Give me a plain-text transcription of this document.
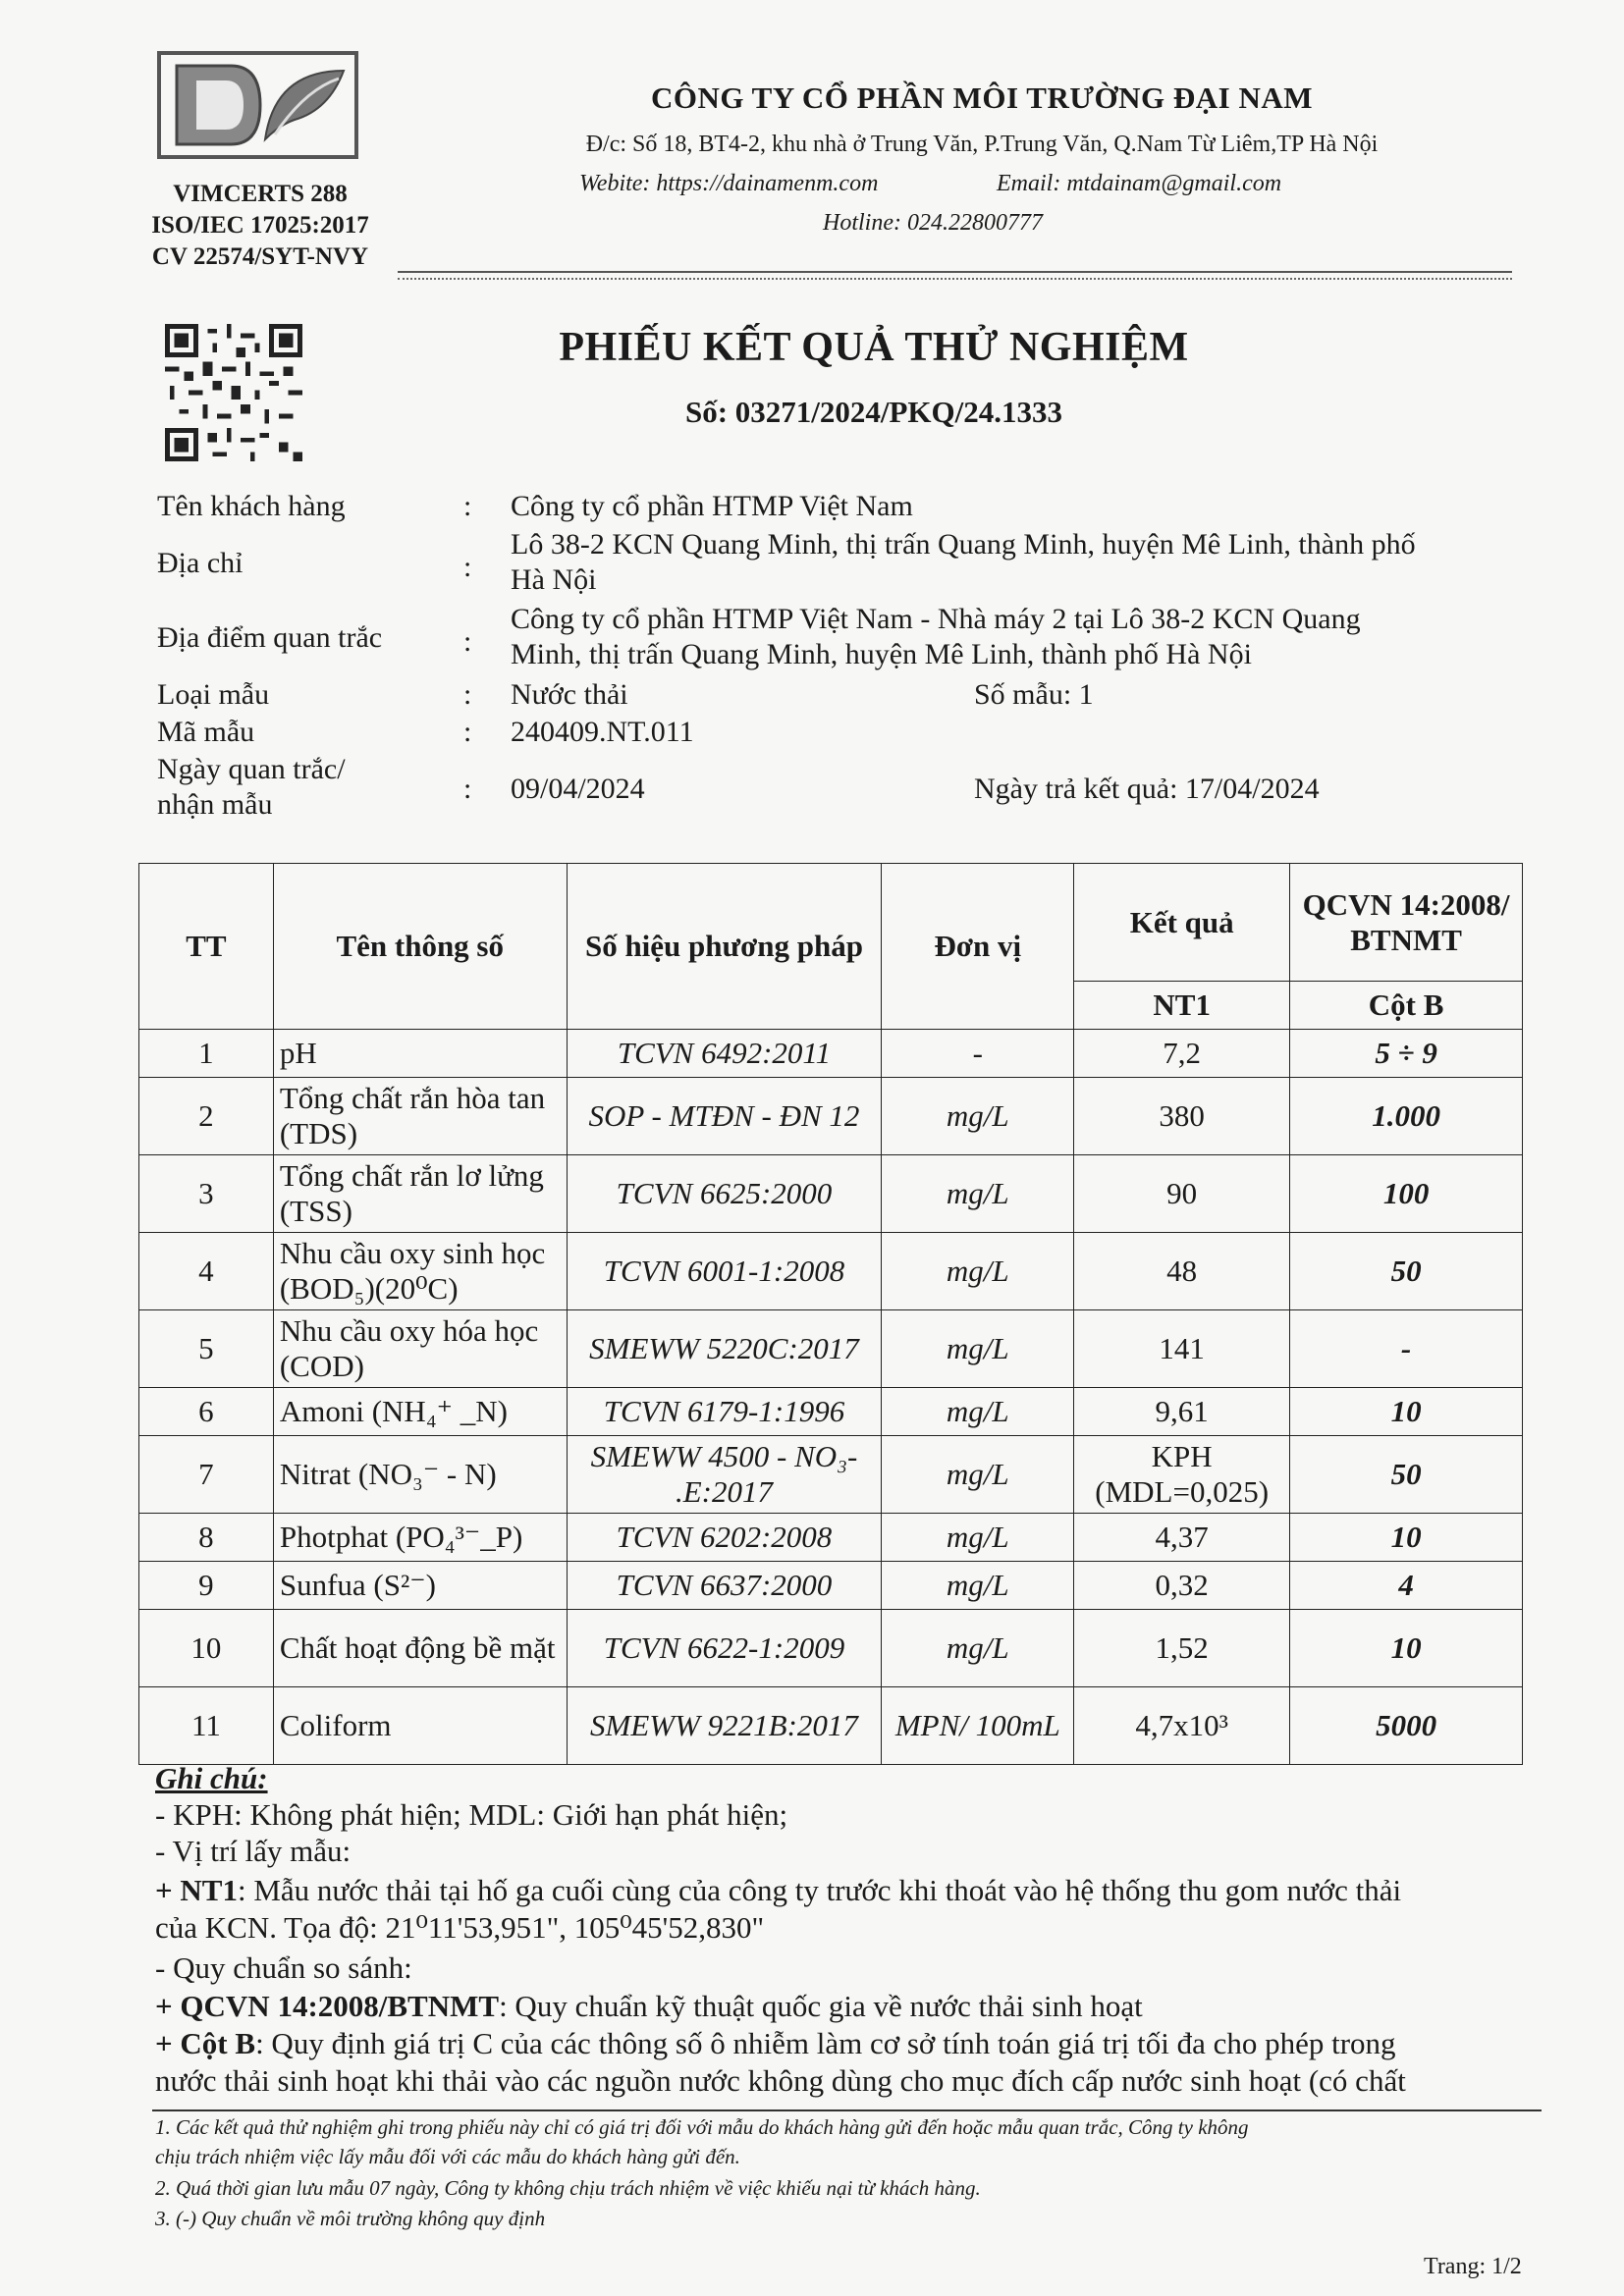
VIMCERTS 288
ISO/IEC 17025:2017
CV 22574/SYT-NVY
CÔNG TY CỔ PHẦN MÔI TRƯỜNG ĐẠI NAM
Đ/c: Số 18, BT4-2, khu nhà ở Trung Văn, P.Trung Văn, Q.Nam Từ Liêm,TP Hà Nội
Webite: https://dainamenm.com	Email: mtdainam@gmail.com
Hotline: 024.22800777
PHIẾU KẾT QUẢ THỬ NGHIỆM
Số: 03271/2024/PKQ/24.1333
Tên khách hàng	: Công ty cổ phần HTMP Việt Nam
Địa chỉ	:
Lô 38-2 KCN Quang Minh, thị trấn Quang Minh, huyện Mê Linh, thành phố
Hà Nội
Địa điểm quan trắc	:
Công ty cổ phần HTMP Việt Nam - Nhà máy 2 tại Lô 38-2 KCN Quang
Minh, thị trấn Quang Minh, huyện Mê Linh, thành phố Hà Nội
Loại mẫu	: Nước thải	Số mẫu: 1
Mã mẫu	: 240409.NT.011
Ngày quan trắc/
nhận mẫu	: 09/04/2024	Ngày trả kết quả: 17/04/2024
TT	Tên thông số	Số hiệu phương pháp	Đơn vị	Kết quả	QCVN 14:2008/ BTNMT
				NT1	Cột B
1	pH	TCVN 6492:2011	-	7,2	5 ÷ 9
2	Tổng chất rắn hòa tan (TDS)	SOP - MTĐN - ĐN 12	mg/L	380	1.000
3	Tổng chất rắn lơ lửng (TSS)	TCVN 6625:2000	mg/L	90	100
4	Nhu cầu oxy sinh học (BOD₅)(20⁰C)	TCVN 6001-1:2008	mg/L	48	50
5	Nhu cầu oxy hóa học (COD)	SMEWW 5220C:2017	mg/L	141	-
6	Amoni (NH₄⁺ _N)	TCVN 6179-1:1996	mg/L	9,61	10
7	Nitrat (NO₃⁻ - N)	SMEWW 4500 - NO₃- .E:2017	mg/L	KPH (MDL=0,025)	50
8	Photphat (PO₄³⁻_P)	TCVN 6202:2008	mg/L	4,37	10
9	Sunfua (S²⁻)	TCVN 6637:2000	mg/L	0,32	4
10	Chất hoạt động bề mặt	TCVN 6622-1:2009	mg/L	1,52	10
11	Coliform	SMEWW 9221B:2017	MPN/ 100mL	4,7x10³	5000
Ghi chú:
- KPH: Không phát hiện; MDL: Giới hạn phát hiện;
- Vị trí lấy mẫu:
+ NT1: Mẫu nước thải tại hố ga cuối cùng của công ty trước khi thoát vào hệ thống thu gom nước thải
của KCN. Tọa độ: 21⁰11'53,951", 105⁰45'52,830"
- Quy chuẩn so sánh:
+ QCVN 14:2008/BTNMT: Quy chuẩn kỹ thuật quốc gia về nước thải sinh hoạt
+ Cột B: Quy định giá trị C của các thông số ô nhiễm làm cơ sở tính toán giá trị tối đa cho phép trong
nước thải sinh hoạt khi thải vào các nguồn nước không dùng cho mục đích cấp nước sinh hoạt (có chất
1. Các kết quả thử nghiệm ghi trong phiếu này chỉ có giá trị đối với mẫu do khách hàng gửi đến hoặc mẫu quan trắc, Công ty không
chịu trách nhiệm việc lấy mẫu đối với các mẫu do khách hàng gửi đến.
2. Quá thời gian lưu mẫu 07 ngày, Công ty không chịu trách nhiệm về việc khiếu nại từ khách hàng.
3. (-) Quy chuẩn về môi trường không quy định
Trang: 1/2
